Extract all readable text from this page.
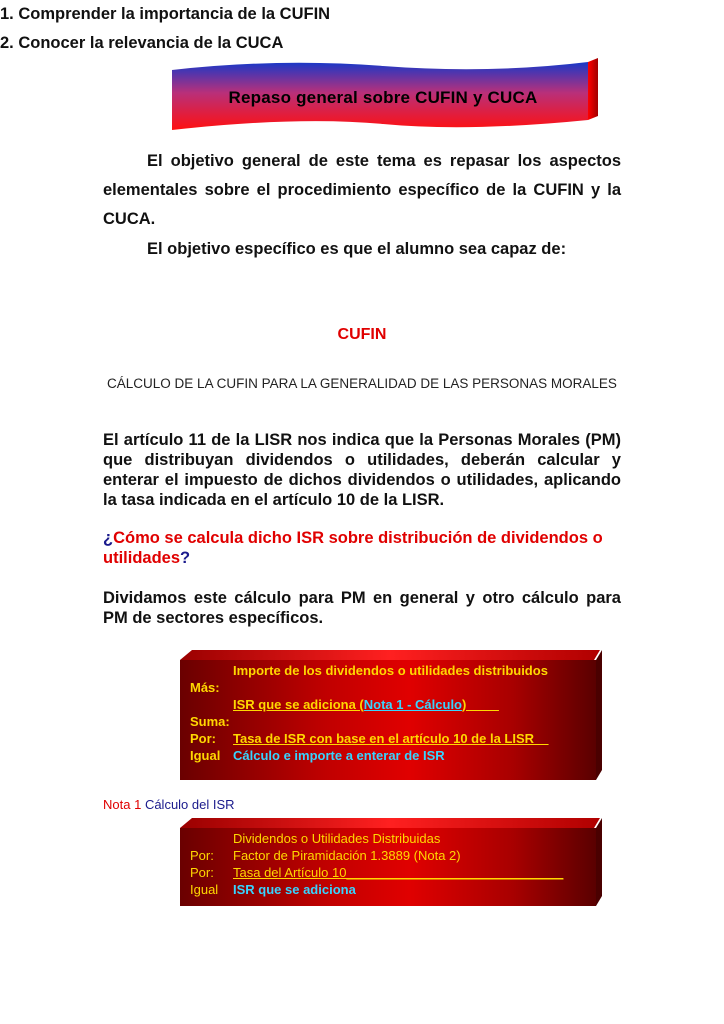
Repaso general sobre CUFIN y CUCA
El objetivo general de este tema es repasar los aspectos elementales sobre el procedimiento específico de la CUFIN y la CUCA.
El objetivo específico es que el alumno sea capaz de:
1. Comprender la importancia de la CUFIN
2. Conocer la relevancia de la CUCA
CUFIN
CÁLCULO DE LA CUFIN PARA LA GENERALIDAD DE LAS PERSONAS MORALES
El artículo 11 de la LISR nos indica que la Personas Morales (PM) que distribuyan dividendos o utilidades, deberán calcular y enterar el impuesto de dichos dividendos o utilidades, aplicando la tasa indicada en el artículo 10 de la LISR.
¿Cómo se calcula dicho ISR sobre distribución de dividendos o utilidades?
Dividamos este cálculo para PM en general y otro cálculo para PM de sectores específicos.
Importe de los dividendos o utilidades distribuidos
Más:
ISR que se adiciona (Nota 1 - Cálculo) ____
Suma:
Por: Tasa de ISR con base en el artículo 10 de la LISR__
Igual Cálculo e importe a enterar de ISR
Nota 1 Cálculo del ISR
Dividendos o Utilidades Distribuidas
Por: Factor de Piramidación 1.3889 (Nota 2)
Por: Tasa del Artículo 10______________________________
Igual ISR que se adiciona
